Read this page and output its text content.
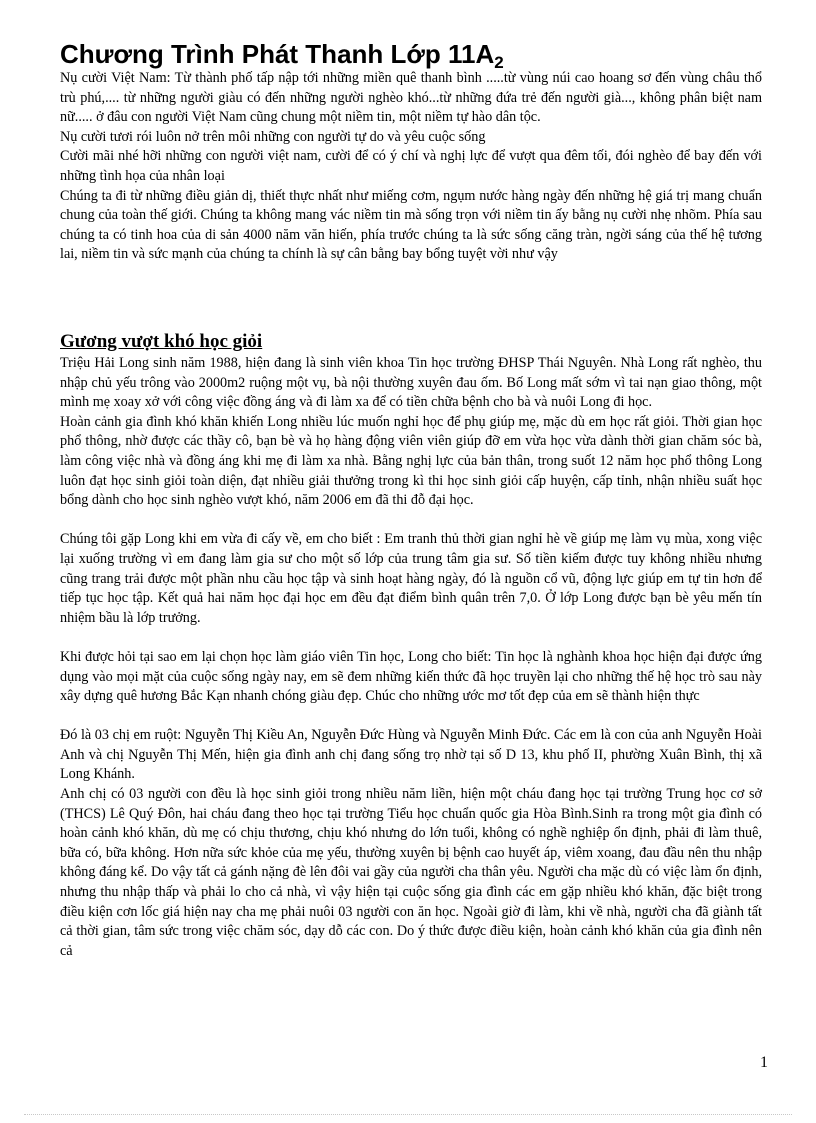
Chương Trình Phát Thanh Lớp $11A_2$

Nụ cười Việt Nam: Từ thành phố tấp nập tới những miền quê thanh bình .....từ vùng núi cao hoang sơ đến vùng châu thổ trù phú,.... từ những người giàu có đến những người nghèo khó...từ những đứa trẻ đến người già..., không phân biệt nam nữ..... ở đâu con người Việt Nam cũng chung một niềm tin, một niềm tự hào dân tộc.

Nụ cười tươi rói luôn nở trên môi những con người tự do và yêu cuộc sống

Cười mãi nhé hỡi những con người việt nam, cười để có ý chí và nghị lực để vượt qua đêm tối, đói nghèo để bay đến với những tình họa của nhân loại

Chúng ta đi từ những điều giản dị, thiết thực nhất như miếng cơm, ngụm nước hàng ngày đến những hệ giá trị mang chuẩn chung của toàn thế giới. Chúng ta không mang vác niềm tin mà sống trọn với niềm tin ấy bằng nụ cười nhẹ nhõm. Phía sau chúng ta có tinh hoa của di sản 4000 năm văn hiến, phía trước chúng ta là sức sống căng tràn, ngời sáng của thế hệ tương lai, niềm tin và sức mạnh của chúng ta chính là sự cân bằng bay bổng tuyệt vời như vậy

Gương vượt khó học giỏi

Triệu Hải Long sinh năm 1988, hiện đang là sinh viên khoa Tin học trường ĐHSP Thái Nguyên. Nhà Long rất nghèo, thu nhập chủ yếu trông vào 2000m2 ruộng một vụ, bà nội thường xuyên đau ốm. Bố Long mất sớm vì tai nạn giao thông, một mình mẹ xoay xở với công việc đồng áng và đi làm xa để có tiền chữa bệnh cho bà và nuôi Long đi học.

Hoàn cảnh gia đình khó khăn khiến Long nhiều lúc muốn nghỉ học để phụ giúp mẹ, mặc dù em học rất giỏi. Thời gian học phổ thông, nhờ được các thầy cô, bạn bè và họ hàng động viên viên giúp đỡ em vừa học vừa dành thời gian chăm sóc bà, làm công việc nhà và đồng áng khi mẹ đi làm xa nhà. Bằng nghị lực của bản thân, trong suốt 12 năm học phổ thông Long luôn đạt học sinh giỏi toàn diện, đạt nhiều giải thưởng trong kì thi học sinh giỏi cấp huyện, cấp tỉnh, nhận nhiều suất học bổng dành cho học sinh nghèo vượt khó, năm 2006 em đã thi đỗ đại học.

Chúng tôi gặp Long khi em vừa đi cấy về, em cho biết : Em tranh thủ thời gian nghỉ hè về giúp mẹ làm vụ mùa, xong việc lại xuống trường vì em đang làm gia sư cho một số lớp của trung tâm gia sư. Số tiền kiếm được tuy không nhiều nhưng cũng trang trải được một phần nhu cầu học tập và sinh hoạt hàng ngày, đó là nguồn cổ vũ, động lực giúp em tự tin hơn để tiếp tục học tập. Kết quả hai năm học đại học em đều đạt điểm bình quân trên 7,0. Ở lớp Long được bạn bè yêu mến tín nhiệm bầu là lớp trưởng.

Khi được hỏi tại sao em lại chọn học làm giáo viên Tin học, Long cho biết: Tin học là nghành khoa học hiện đại được ứng dụng vào mọi mặt của cuộc sống ngày nay, em sẽ đem những kiến thức đã học truyền lại cho những thế hệ học trò sau này xây dựng quê hương Bắc Kạn nhanh chóng giàu đẹp. Chúc cho những ước mơ tốt đẹp của em sẽ thành hiện thực

Đó là 03 chị em ruột: Nguyễn Thị Kiều An, Nguyễn Đức Hùng và Nguyễn Minh Đức. Các em là con của anh Nguyễn Hoài Anh và chị Nguyễn Thị Mến, hiện gia đình anh chị đang sống trọ nhờ tại số D 13, khu phố II, phường Xuân Bình, thị xã Long Khánh.

Anh chị có 03 người con đều là học sinh giỏi trong nhiều năm liền, hiện một cháu đang học tại trường Trung học cơ sở (THCS) Lê Quý Đôn, hai cháu đang theo học tại trường Tiểu học chuẩn quốc gia Hòa Bình.Sinh ra trong một gia đình có hoàn cảnh khó khăn, dù mẹ có chịu thương, chịu khó nhưng do lớn tuổi, không có nghề nghiệp ổn định, phải đi làm thuê, bữa có, bữa không. Hơn nữa sức khỏe của mẹ yếu, thường xuyên bị bệnh cao huyết áp, viêm xoang, đau đầu nên thu nhập không đáng kể. Do vậy tất cả gánh nặng đè lên đôi vai gầy của người cha thân yêu. Người cha mặc dù có việc làm ổn định, nhưng thu nhập thấp và phải lo cho cả nhà, vì vậy hiện tại cuộc sống gia đình các em gặp nhiều khó khăn, đặc biệt trong điều kiện cơn lốc giá hiện nay cha mẹ phải nuôi 03 người con ăn học. Ngoài giờ đi làm, khi về nhà, người cha đã giành tất cả thời gian, tâm sức trong việc chăm sóc, dạy dỗ các con. Do ý thức được điều kiện, hoàn cảnh khó khăn của gia đình nên cả

1
